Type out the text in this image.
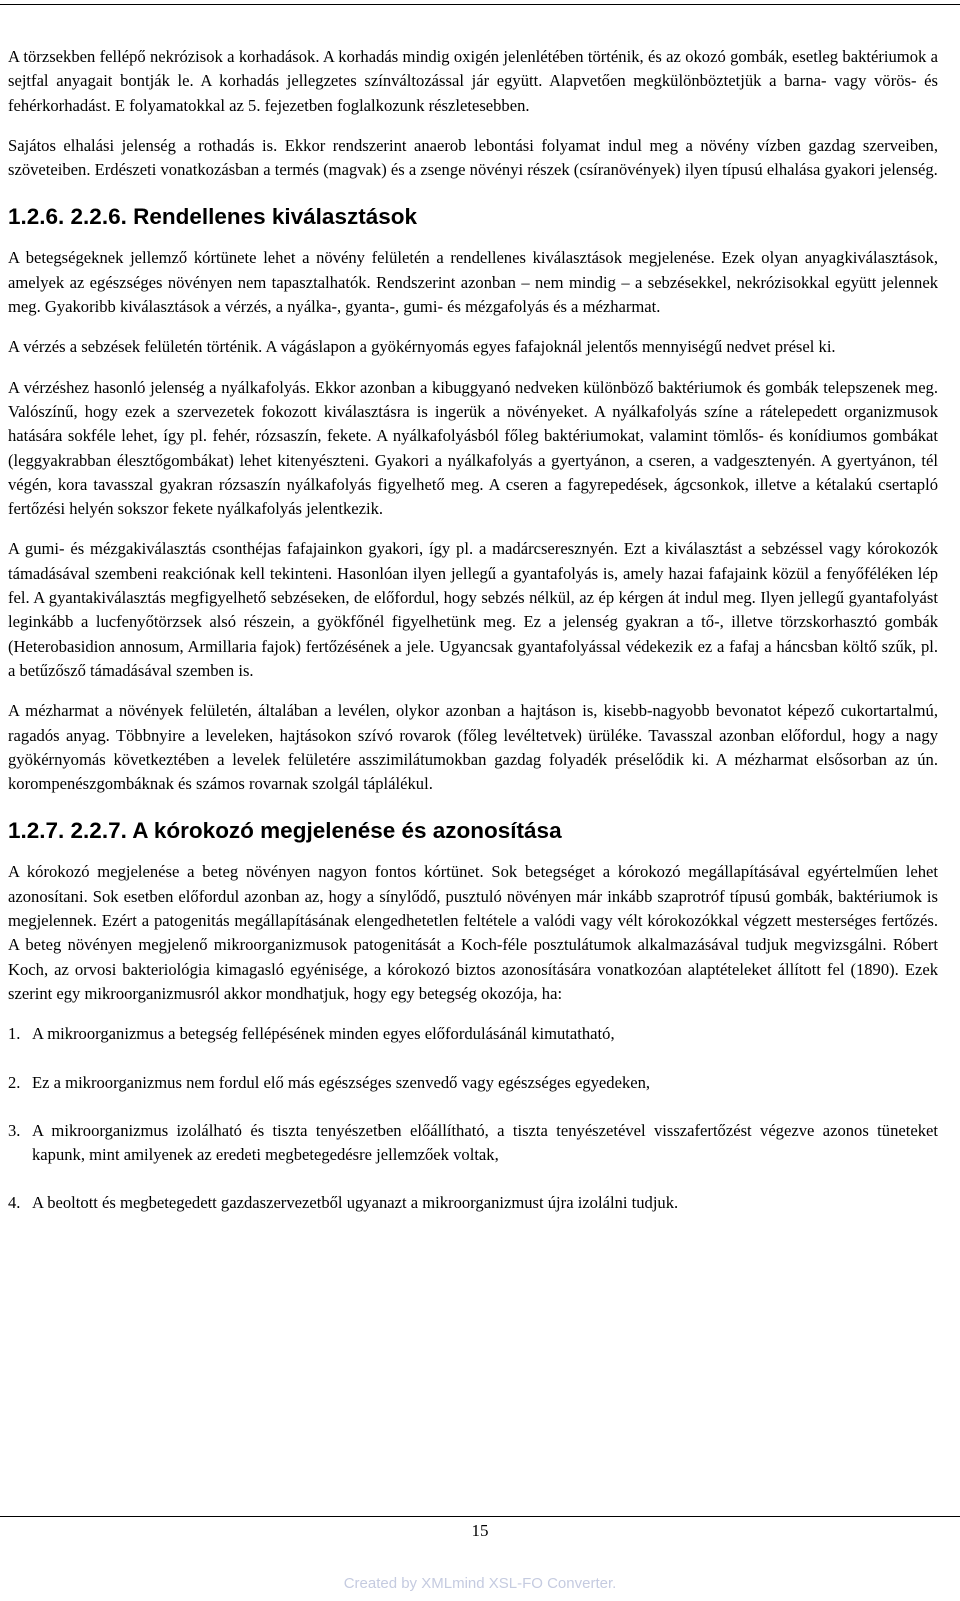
A törzsekben fellépő nekrózisok a korhadások. A korhadás mindig oxigén jelenlétében történik, és az okozó gombák, esetleg baktériumok a sejtfal anyagait bontják le. A korhadás jellegzetes színváltozással jár együtt. Alapvetően megkülönböztetjük a barna- vagy vörös- és fehérkorhadást. E folyamatokkal az 5. fejezetben foglalkozunk részletesebben.

Sajátos elhalási jelenség a rothadás is. Ekkor rendszerint anaerob lebontási folyamat indul meg a növény vízben gazdag szerveiben, szöveteiben. Erdészeti vonatkozásban a termés (magvak) és a zsenge növényi részek (csíranövények) ilyen típusú elhalása gyakori jelenség.

1.2.6. 2.2.6. Rendellenes kiválasztások

A betegségeknek jellemző kórtünete lehet a növény felületén a rendellenes kiválasztások megjelenése. Ezek olyan anyagkiválasztások, amelyek az egészséges növényen nem tapasztalhatók. Rendszerint azonban – nem mindig – a sebzésekkel, nekrózisokkal együtt jelennek meg. Gyakoribb kiválasztások a vérzés, a nyálka-, gyanta-, gumi- és mézgafolyás és a mézharmat.

A vérzés a sebzések felületén történik. A vágáslapon a gyökérnyomás egyes fafajoknál jelentős mennyiségű nedvet présel ki.

A vérzéshez hasonló jelenség a nyálkafolyás. Ekkor azonban a kibuggyanó nedveken különböző baktériumok és gombák telepszenek meg. Valószínű, hogy ezek a szervezetek fokozott kiválasztásra is ingerük a növényeket. A nyálkafolyás színe a rátelepedett organizmusok hatására sokféle lehet, így pl. fehér, rózsaszín, fekete. A nyálkafolyásból főleg baktériumokat, valamint tömlős- és konídiumos gombákat (leggyakrabban élesztőgombákat) lehet kitenyészteni. Gyakori a nyálkafolyás a gyertyánon, a cseren, a vadgesztenyén. A gyertyánon, tél végén, kora tavasszal gyakran rózsaszín nyálkafolyás figyelhető meg. A cseren a fagyrepedések, ágcsonkok, illetve a kétalakú csertapló fertőzési helyén sokszor fekete nyálkafolyás jelentkezik.

A gumi- és mézgakiválasztás csonthéjas fafajainkon gyakori, így pl. a madárcseresznyén. Ezt a kiválasztást a sebzéssel vagy kórokozók támadásával szembeni reakciónak kell tekinteni. Hasonlóan ilyen jellegű a gyantafolyás is, amely hazai fafajaink közül a fenyőféléken lép fel. A gyantakiválasztás megfigyelhető sebzéseken, de előfordul, hogy sebzés nélkül, az ép kérgen át indul meg. Ilyen jellegű gyantafolyást leginkább a lucfenyőtörzsek alsó részein, a gyökfőnél figyelhetünk meg. Ez a jelenség gyakran a tő-, illetve törzskorhasztó gombák (Heterobasidion annosum, Armillaria fajok) fertőzésének a jele. Ugyancsak gyantafolyással védekezik ez a fafaj a háncsban költő szűk, pl. a betűzősző támadásával szemben is.

A mézharmat a növények felületén, általában a levélen, olykor azonban a hajtáson is, kisebb-nagyobb bevonatot képező cukortartalmú, ragadós anyag. Többnyire a leveleken, hajtásokon szívó rovarok (főleg levéltetvek) ürüléke. Tavasszal azonban előfordul, hogy a nagy gyökérnyomás következtében a levelek felületére asszimilátumokban gazdag folyadék préselődik ki. A mézharmat elsősorban az ún. korompenészgombáknak és számos rovarnak szolgál táplálékul.

1.2.7. 2.2.7. A kórokozó megjelenése és azonosítása

A kórokozó megjelenése a beteg növényen nagyon fontos kórtünet. Sok betegséget a kórokozó megállapításával egyértelműen lehet azonosítani. Sok esetben előfordul azonban az, hogy a sínylődő, pusztuló növényen már inkább szaprotróf típusú gombák, baktériumok is megjelennek. Ezért a patogenitás megállapításának elengedhetetlen feltétele a valódi vagy vélt kórokozókkal végzett mesterséges fertőzés. A beteg növényen megjelenő mikroorganizmusok patogenitását a Koch-féle posztulátumok alkalmazásával tudjuk megvizsgálni. Róbert Koch, az orvosi bakteriológia kimagasló egyénisége, a kórokozó biztos azonosítására vonatkozóan alaptételeket állított fel (1890). Ezek szerint egy mikroorganizmusról akkor mondhatjuk, hogy egy betegség okozója, ha:

1. A mikroorganizmus a betegség fellépésének minden egyes előfordulásánál kimutatható,
2. Ez a mikroorganizmus nem fordul elő más egészséges szenvedő vagy egészséges egyedeken,
3. A mikroorganizmus izolálható és tiszta tenyészetben előállítható, a tiszta tenyészetével visszafertőzést végezve azonos tüneteket kapunk, mint amilyenek az eredeti megbetegedésre jellemzőek voltak,
4. A beoltott és megbetegedett gazdaszervezetből ugyanazt a mikroorganizmust újra izolálni tudjuk.
15
Created by XMLmind XSL-FO Converter.
